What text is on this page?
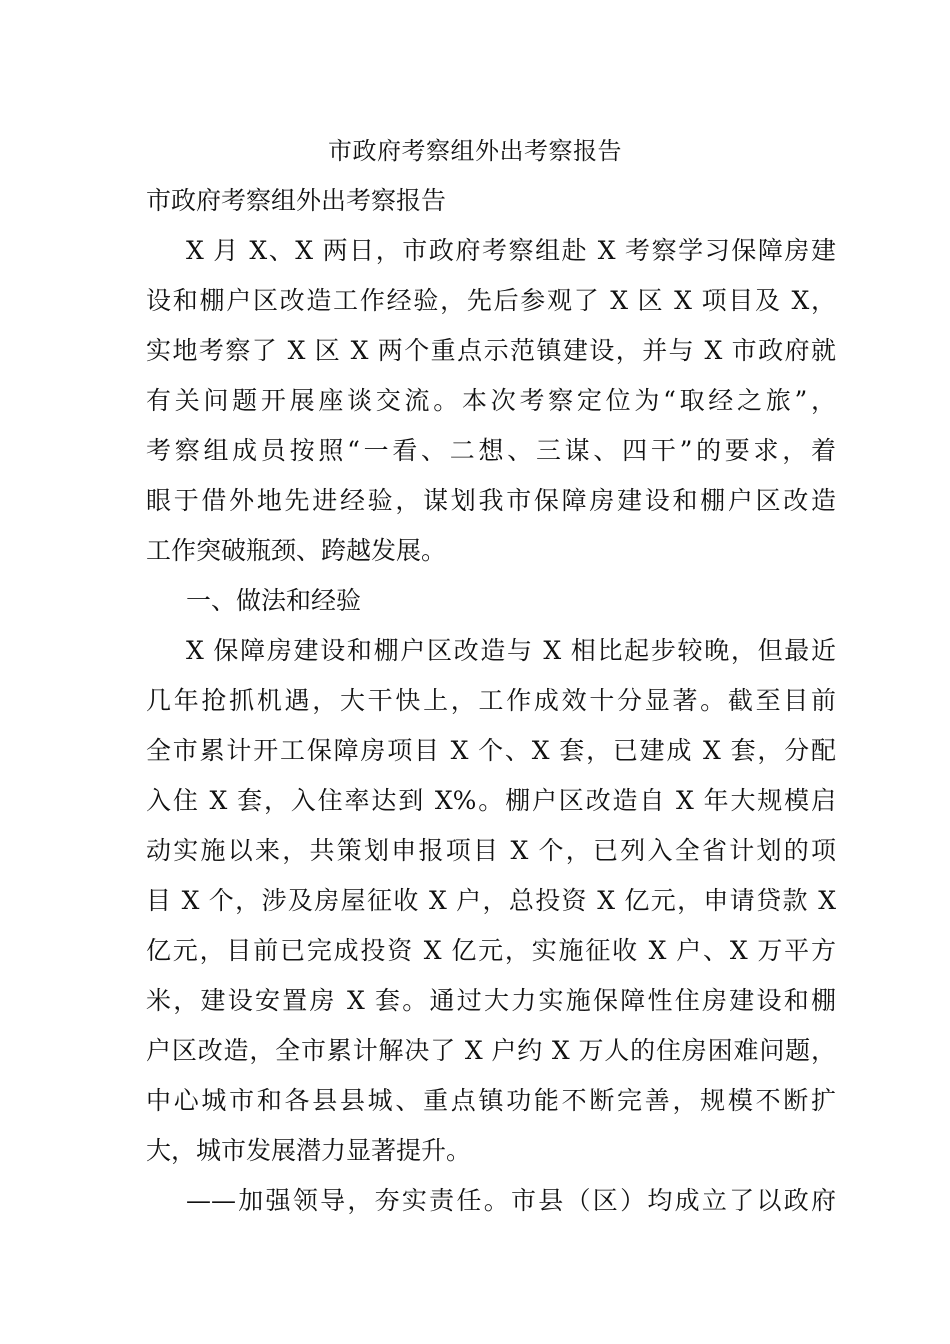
市政府考察组外出考察报告
市政府考察组外出考察报告
X 月 X、X 两日，市政府考察组赴 X 考察学习保障房建
设和棚户区改造工作经验，先后参观了 X 区 X 项目及 X，
实地考察了 X 区 X 两个重点示范镇建设，并与 X 市政府就
有关问题开展座谈交流。本次考察定位为“取经之旅”，
考察组成员按照“一看、二想、三谋、四干”的要求，着
眼于借外地先进经验，谋划我市保障房建设和棚户区改造
工作突破瓶颈、跨越发展。
一、做法和经验
X 保障房建设和棚户区改造与 X 相比起步较晚，但最近
几年抢抓机遇，大干快上，工作成效十分显著。截至目前
全市累计开工保障房项目 X 个、X 套，已建成 X 套，分配
入住 X 套，入住率达到 X%。棚户区改造自 X 年大规模启
动实施以来，共策划申报项目 X 个，已列入全省计划的项
目 X 个，涉及房屋征收 X 户，总投资 X 亿元，申请贷款 X
亿元，目前已完成投资 X 亿元，实施征收 X 户、X 万平方
米，建设安置房 X 套。通过大力实施保障性住房建设和棚
户区改造，全市累计解决了 X 户约 X 万人的住房困难问题，
中心城市和各县县城、重点镇功能不断完善，规模不断扩
大，城市发展潜力显著提升。
——加强领导，夯实责任。市县（区）均成立了以政府
